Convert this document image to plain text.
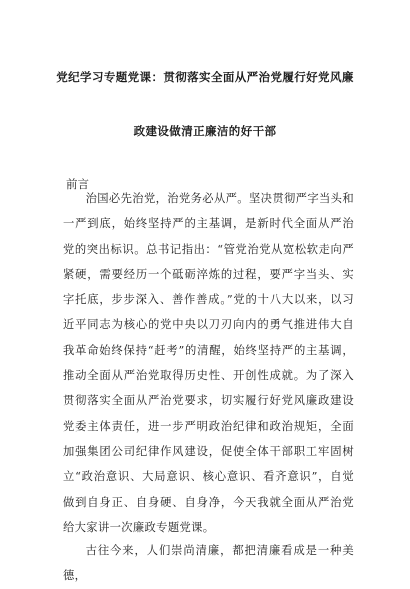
党纪学习专题党课：贯彻落实全面从严治党履行好党风廉
政建设做清正廉洁的好干部
前言

治国必先治党，治党务必从严。坚决贯彻严字当头和一严到底，始终坚持严的主基调，是新时代全面从严治党的突出标识。总书记指出：“管党治党从宽松软走向严紧硬，需要经历一个砥砺淬炼的过程，要严字当头、实字托底，步步深入、善作善成。”党的十八大以来，以习近平同志为核心的党中央以刀刃向内的勇气推进伟大自我革命始终保持“赶考”的清醒，始终坚持严的主基调，推动全面从严治党取得历史性、开创性成就。为了深入贯彻落实全面从严治党要求，切实履行好党风廉政建设党委主体责任，进一步严明政治纪律和政治规矩，全面加强集团公司纪律作风建设，促使全体干部职工牢固树立“政治意识、大局意识、核心意识、看齐意识”，自觉做到自身正、自身硬、自身净，今天我就全面从严治党给大家讲一次廉政专题党课。

古往今来，人们崇尚清廉，都把清廉看成是一种美德，
